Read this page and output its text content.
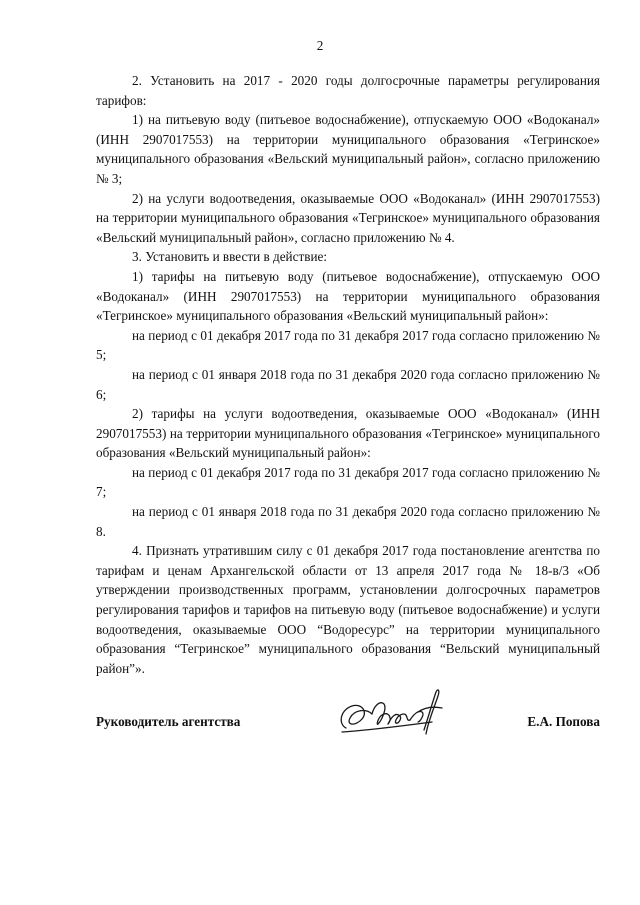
2

2. Установить на 2017 - 2020 годы долгосрочные параметры регулирования тарифов:

1) на питьевую воду (питьевое водоснабжение), отпускаемую ООО «Водоканал» (ИНН 2907017553) на территории муниципального образования «Тегринское» муниципального образования «Вельский муниципальный район», согласно приложению № 3;

2) на услуги водоотведения, оказываемые ООО «Водоканал» (ИНН 2907017553) на территории муниципального образования «Тегринское» муниципального образования «Вельский муниципальный район», согласно приложению № 4.

3. Установить и ввести в действие:

1) тарифы на питьевую воду (питьевое водоснабжение), отпускаемую ООО «Водоканал» (ИНН 2907017553) на территории муниципального образования «Тегринское» муниципального образования «Вельский муниципальный район»:

на период с 01 декабря 2017 года по 31 декабря 2017 года согласно приложению № 5;

на период с 01 января 2018 года по 31 декабря 2020 года согласно приложению № 6;

2) тарифы на услуги водоотведения, оказываемые ООО «Водоканал» (ИНН 2907017553) на территории муниципального образования «Тегринское» муниципального образования «Вельский муниципальный район»:

на период с 01 декабря 2017 года по 31 декабря 2017 года согласно приложению № 7;

на период с 01 января 2018 года по 31 декабря 2020 года согласно приложению № 8.

4. Признать утратившим силу с 01 декабря 2017 года постановление агентства по тарифам и ценам Архангельской области от 13 апреля 2017 года № 18-в/3 «Об утверждении производственных программ, установлении долгосрочных параметров регулирования тарифов и тарифов на питьевую воду (питьевое водоснабжение) и услуги водоотведения, оказываемые ООО “Водоресурс” на территории муниципального образования “Тегринское” муниципального образования “Вельский муниципальный район”».

Руководитель агентства	Е.А. Попова
